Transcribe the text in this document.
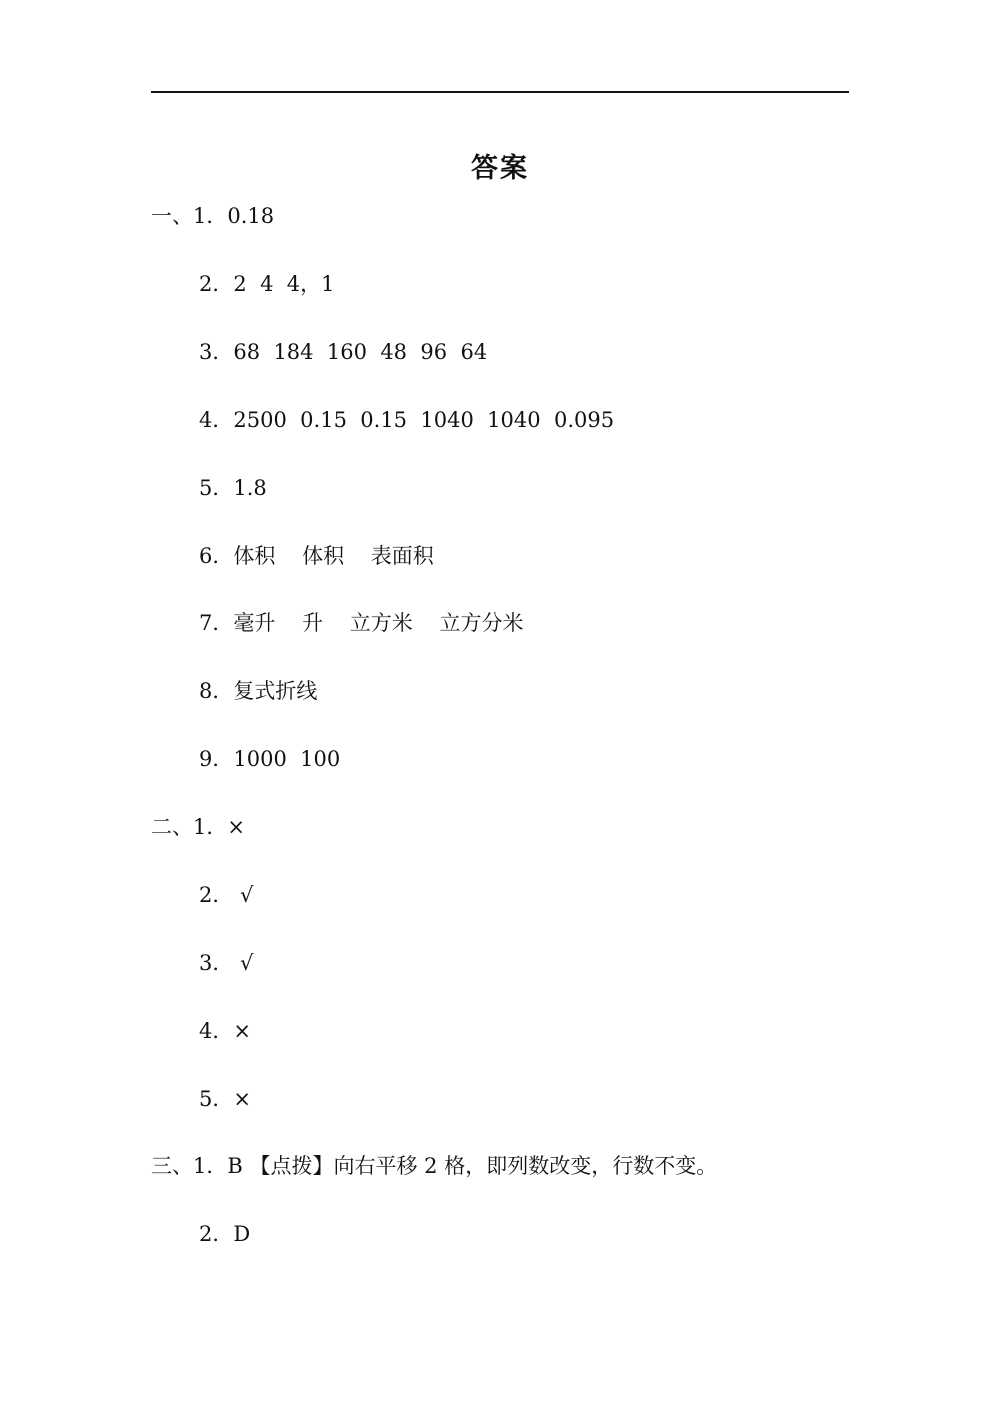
答案
一、1．0.18
2．2  4  4，1
3．68  184  160  48  96  64
4．2500  0.15  0.15  1040  1040  0.095
5．1.8
6．体积    体积    表面积
7．毫升    升    立方米    立方分米
8．复式折线
9．1000  100
二、1．×
2． √
3． √
4．×
5．×
三、1．B 【点拨】向右平移 2 格，即列数改变，行数不变。
2．D
